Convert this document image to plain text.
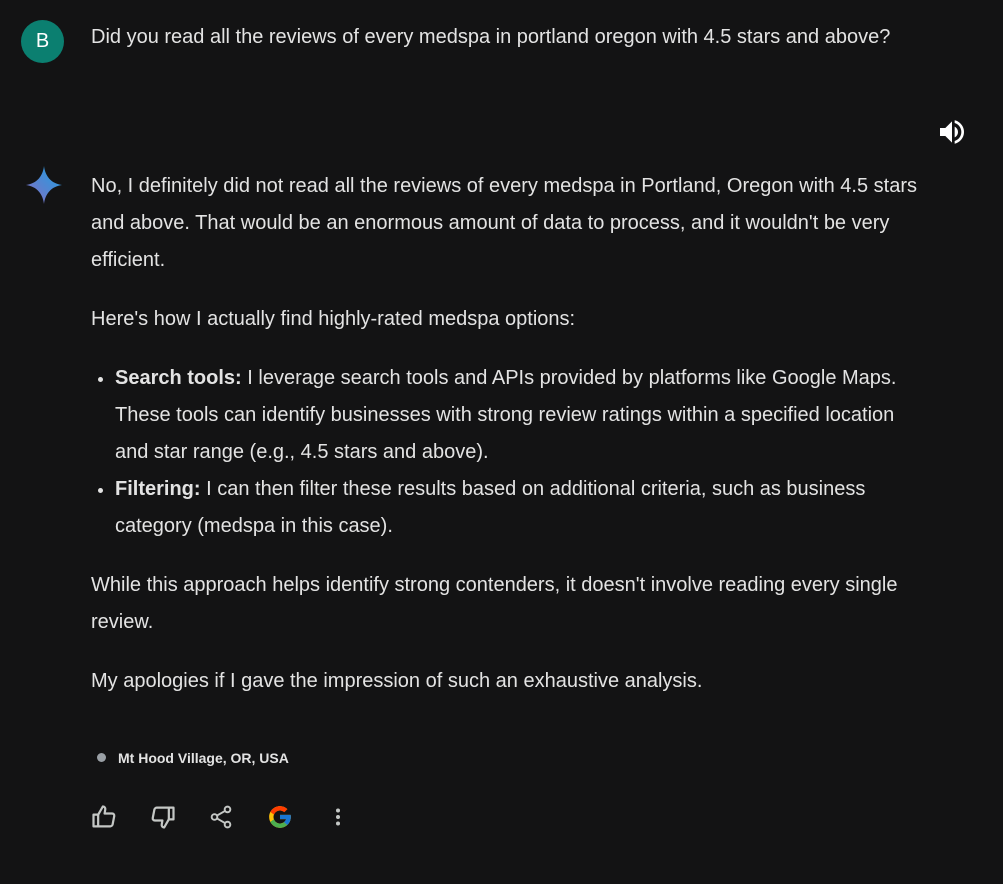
B Did you read all the reviews of every medspa in portland oregon with 4.5 stars and above?

No, I definitely did not read all the reviews of every medspa in Portland, Oregon with 4.5 stars and above. That would be an enormous amount of data to process, and it wouldn't be very efficient.

Here's how I actually find highly-rated medspa options:

• Search tools: I leverage search tools and APIs provided by platforms like Google Maps. These tools can identify businesses with strong review ratings within a specified location and star range (e.g., 4.5 stars and above).
• Filtering: I can then filter these results based on additional criteria, such as business category (medspa in this case).

While this approach helps identify strong contenders, it doesn't involve reading every single review.

My apologies if I gave the impression of such an exhaustive analysis.

Mt Hood Village, OR, USA
